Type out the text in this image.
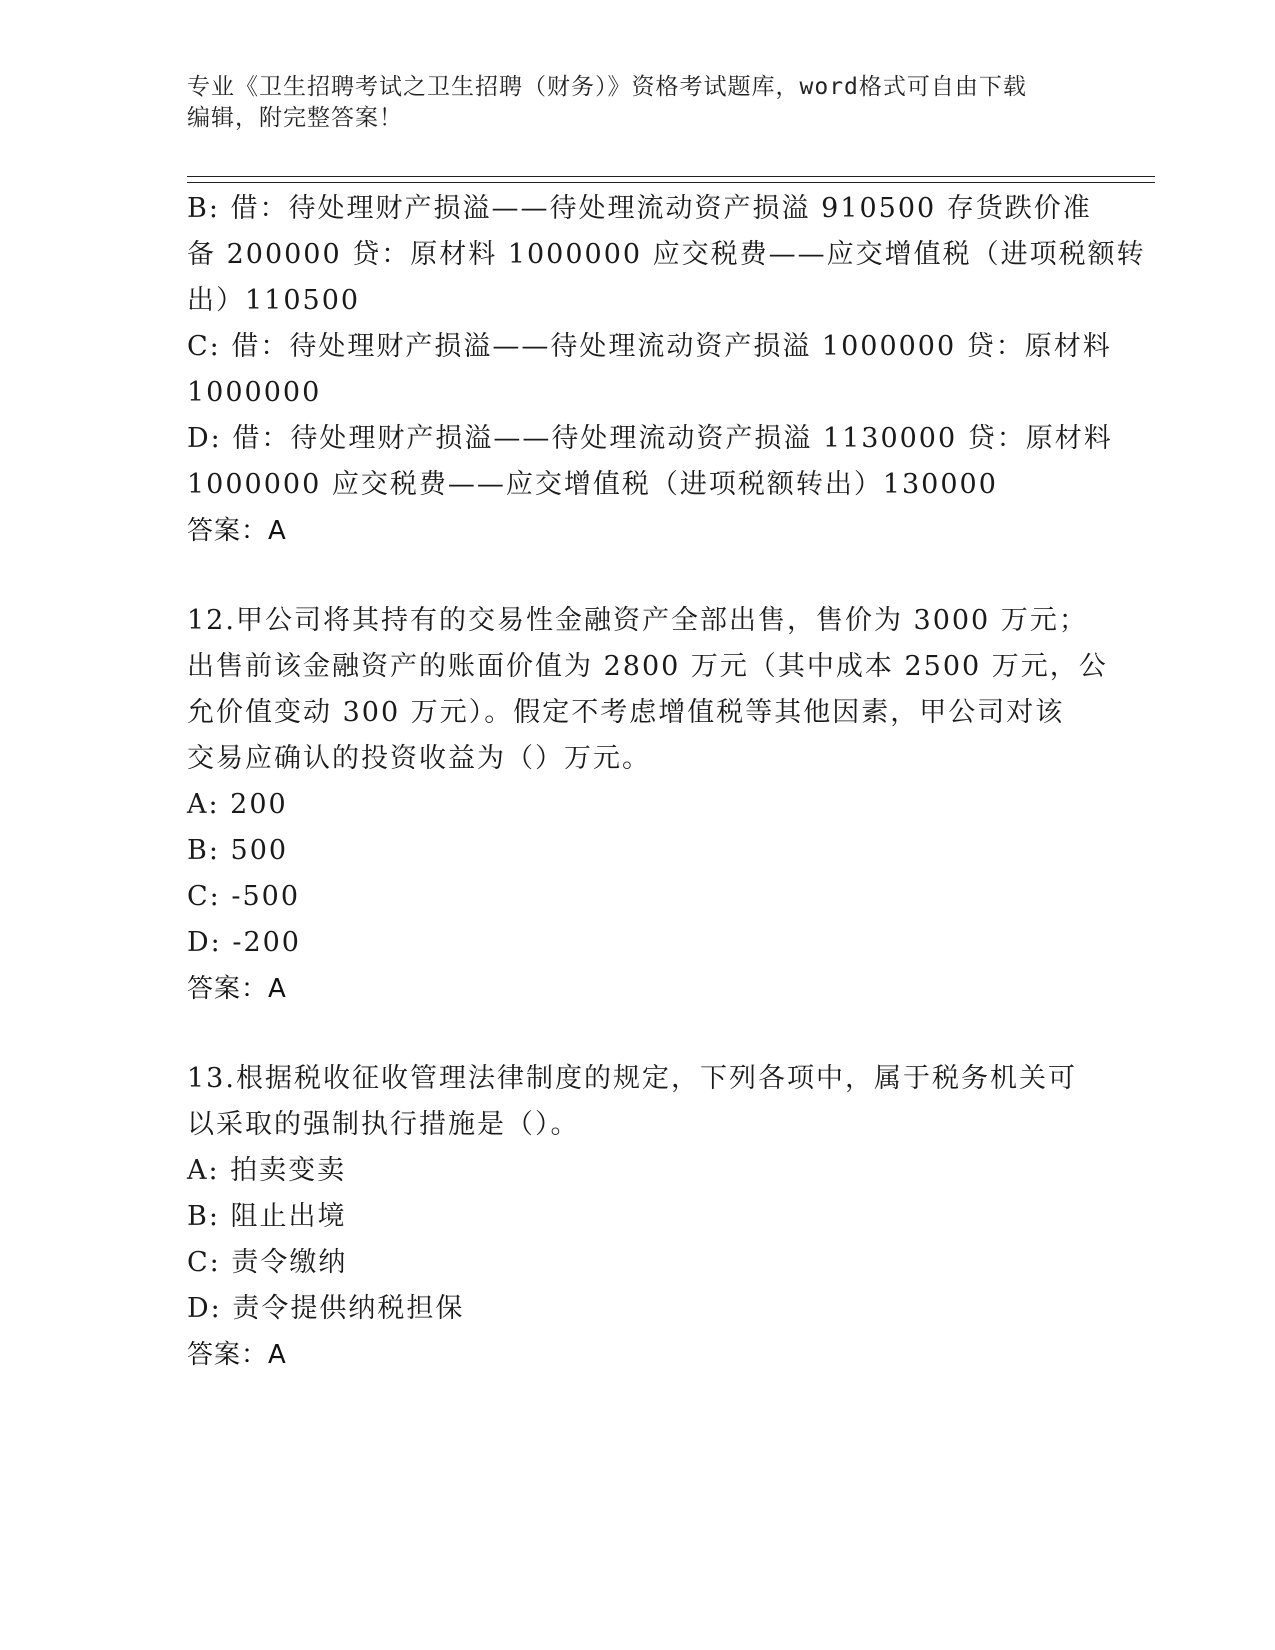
专业《卫生招聘考试之卫生招聘（财务）》资格考试题库，word格式可自由下载
编辑，附完整答案！
B: 借：待处理财产损溢——待处理流动资产损溢 910500 存货跌价准
备 200000 贷：原材料 1000000 应交税费——应交增值税（进项税额转
出）110500
C: 借：待处理财产损溢——待处理流动资产损溢 1000000 贷：原材料
1000000
D: 借：待处理财产损溢——待处理流动资产损溢 1130000 贷：原材料
1000000 应交税费——应交增值税（进项税额转出）130000
答案：A
12.甲公司将其持有的交易性金融资产全部出售，售价为 3000 万元；
出售前该金融资产的账面价值为 2800 万元（其中成本 2500 万元，公
允价值变动 300 万元）。假定不考虑增值税等其他因素，甲公司对该
交易应确认的投资收益为（）万元。
A: 200
B: 500
C: -500
D: -200
答案：A
13.根据税收征收管理法律制度的规定，下列各项中，属于税务机关可
以采取的强制执行措施是（）。
A: 拍卖变卖
B: 阻止出境
C: 责令缴纳
D: 责令提供纳税担保
答案：A
